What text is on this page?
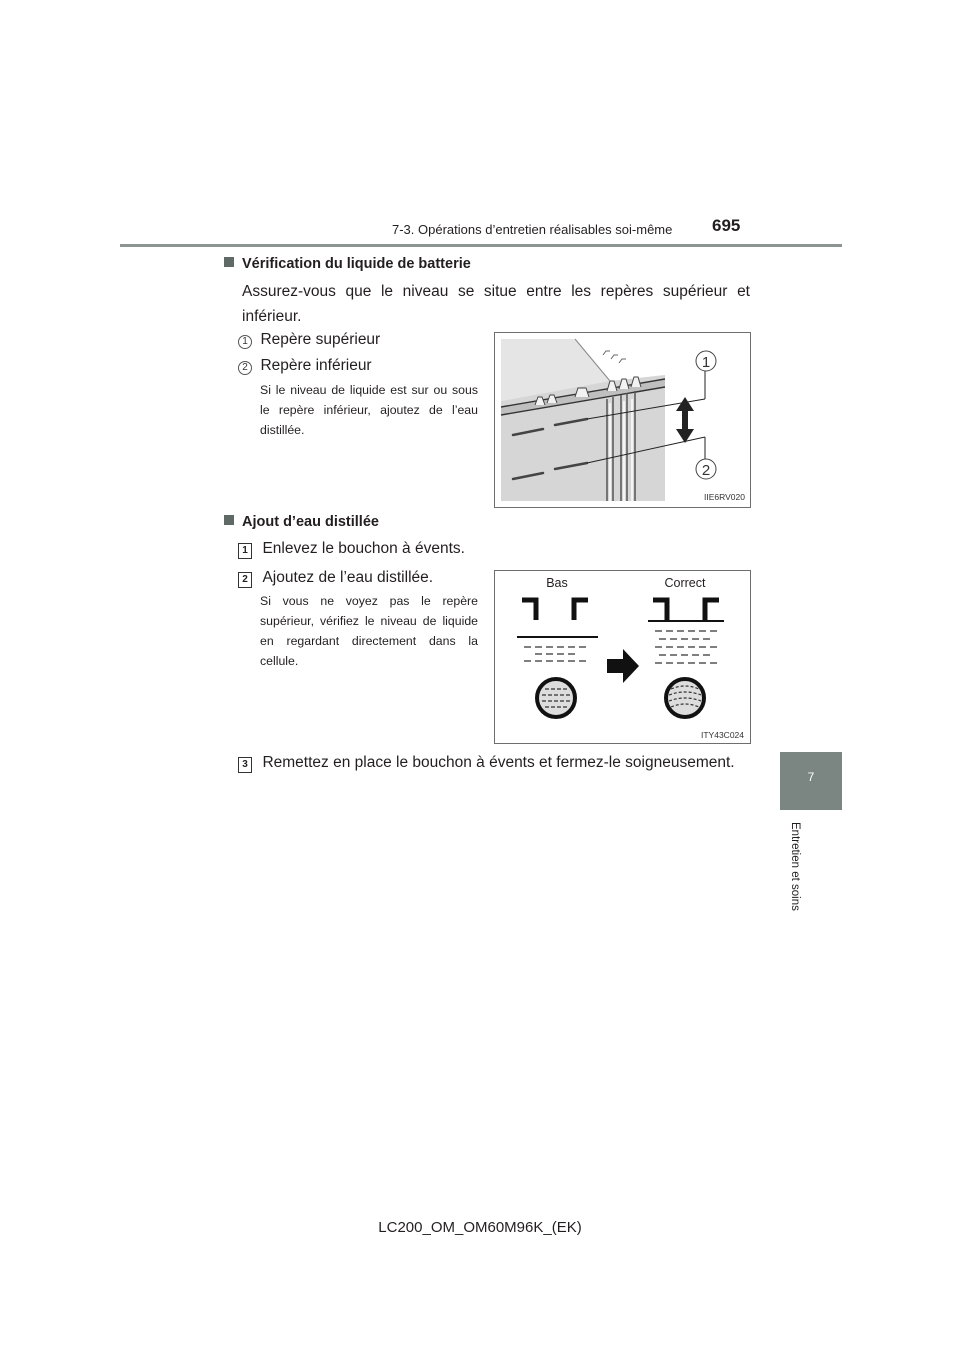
7-3. Opérations d’entretien réalisables soi-même	695
7
Entretien et soins
Vérification du liquide de batterie
Assurez-vous que le niveau se situe entre les repères supérieur et inférieur.
1 Repère supérieur
2 Repère inférieur
Si le niveau de liquide est sur ou sous le repère inférieur, ajoutez de l’eau distillée.
1
2
IIE6RV020
Ajout d’eau distillée
1 Enlevez le bouchon à évents.
2 Ajoutez de l’eau distillée.
Si vous ne voyez pas le repère supérieur, vérifiez le niveau de liquide en regardant directement dans la cellule.
Bas	Correct
ITY43C024
3 Remettez en place le bouchon à évents et fermez-le soigneusement.
LC200_OM_OM60M96K_(EK)
